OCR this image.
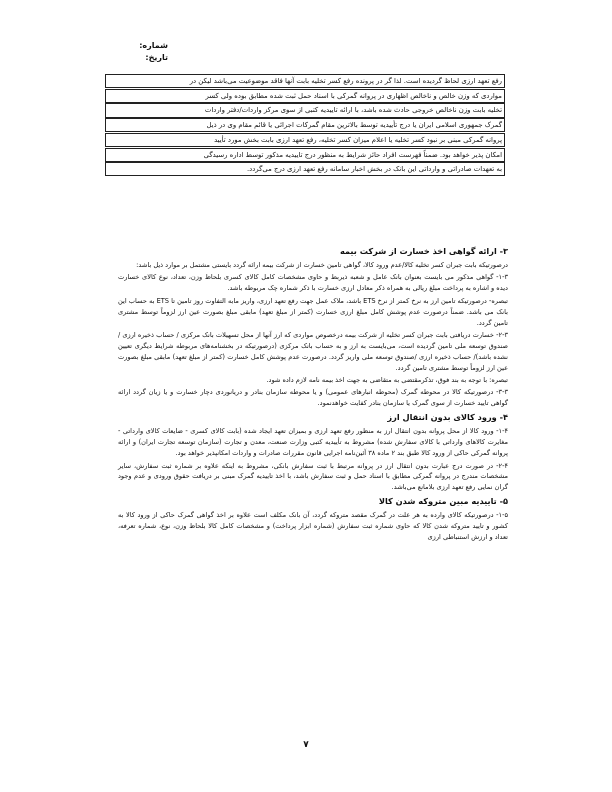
شماره:
تاریخ:
رفع تعهد ارزی لحاظ گردیده است. لذا گر در پرونده رفع کسر تخلیه بابت آنها فاقد موضوعیت می‌باشد لیکن در
مواردی که وزن خالص و ناخالص اظهاری در پروانه گمرکی با اسناد حمل ثبت شده مطابق بوده ولی کسر
تخلیه بابت وزن ناخالص خروجی حادث شده باشد، با ارائه تاییدیه کتبی از سوی مرکز واردات/دفتر واردات
گمرک جمهوری اسلامی ایران یا درج تأییدیه توسط بالاترین مقام گمرکات اجرائی یا قائم مقام وی در ذیل
پروانه گمرکی مبنی بر نبود کسر تخلیه یا اعلام میزان کسر تخلیه، رفع تعهد ارزی بابت بخش مورد تأیید
امکان پذیر خواهد بود. ضمناً فهرست افراد حائز شرایط به منظور درج تاییدیه مذکور توسط اداره رسیدگی
به تعهدات صادراتی و وارداتی این بانک در بخش اخبار سامانه رفع تعهد ارزی درج می‌گردد.
۳- ارائه گواهی اخذ خسارت از شرکت بیمه

درصورتیکه بابت جبران کسر تخلیه کالا/عدم ورود کالا، گواهی تامین خسارت از شرکت بیمه ارائه گردد بایستی مشتمل بر موارد ذیل باشد:

۱-۳- گواهی مذکور می بایست بعنوان بانک عامل و شعبه ذیربط و حاوی مشخصات کامل کالای کسری بلحاظ وزن، تعداد، نوع کالای خسارت دیده و اشاره به پرداخت مبلغ ریالی به همراه ذکر معادل ارزی خسارت با ذکر شماره چک مربوطه باشد.

تبصره- درصورتیکه تامین ارز به نرخ کمتر از نرخ ETS باشد، ملاک عمل جهت رفع تعهد ارزی، واریز مابه التفاوت روز تامین تا ETS به حساب این بانک می باشد. ضمناً درصورت عدم پوشش کامل مبلغ ارزی خسارت (کمتر از مبلغ تعهد) مابقی مبلغ بصورت عین ارز لزوماً توسط مشتری تامین گردد.

۲-۳- خسارت دریافتی بابت جبران کسر تخلیه از شرکت بیمه درخصوص مواردی که ارز آنها از محل تسهیلات بانک مرکزی / حساب ذخیره ارزی /صندوق توسعه ملی تامین گردیده است، می‌بایست به ارز و به حساب بانک مرکزی (درصورتیکه در بخشنامه‌های مربوطه شرایط دیگری تعیین نشده باشد)/ حساب ذخیره ارزی /صندوق توسعه ملی واریز گردد. درصورت عدم پوشش کامل خسارت (کمتر از مبلغ تعهد) مابقی مبلغ بصورت عین ارز لزوماً توسط مشتری تامین گردد.

تبصره: با توجه به بند فوق، تذکرمقتضی به متقاضی به جهت اخذ بیمه نامه لازم داده شود.

۳-۳- درصورتیکه کالا در محوطه گمرک (محوطه انبارهای عمومی) و یا محوطه سازمان بنادر و دریانوردی دچار خسارت و یا زیان گردد ارائه گواهی تایید خسارت از سوی گمرک یا سازمان بنادر کفایت خواهدنمود.

۴- ورود کالای بدون انتقال ارز

۱-۴- ورود کالا از محل پروانه بدون انتقال ارز به منظور رفع تعهد ارزی و بمیزان تعهد ایجاد شده (بابت کالای کسری - ضایعات کالای وارداتی - مغایرت کالاهای وارداتی با کالای سفارش شده) مشروط به تأییدیه کتبی وزارت صنعت، معدن و تجارت (سازمان توسعه تجارت ایران) و ارائه پروانه گمرکی حاکی از ورود کالا طبق بند ۲ ماده ۳۸ آئین‌نامه اجرایی قانون مقررات صادرات و واردات امکانپذیر خواهد بود.

۲-۴- در صورت درج عبارت بدون انتقال ارز در پروانه مرتبط با ثبت سفارش بانکی، مشروط به اینکه علاوه بر شماره ثبت سفارش، سایر مشخصات مندرج در پروانه گمرکی مطابق با اسناد حمل و ثبت سفارش باشد، با اخذ تاییدیه گمرک مبنی بر دریافت حقوق ورودی و عدم وجود گران نمایی رفع تعهد ارزی بلامانع می‌باشد.

۵- تاییدیه مبین متروکه شدن کالا

۱-۵- درصورتیکه کالای وارده به هر علت در گمرک مقصد متروکه گردد، آن بانک مکلف است علاوه بر اخذ گواهی گمرک حاکی از ورود کالا به کشور و تایید متروکه شدن کالا که حاوی شماره ثبت سفارش (شماره ابزار پرداخت) و مشخصات کامل کالا بلحاظ وزن، نوع، شماره تعرفه، تعداد و ارزش استنباطی ارزی

۷
